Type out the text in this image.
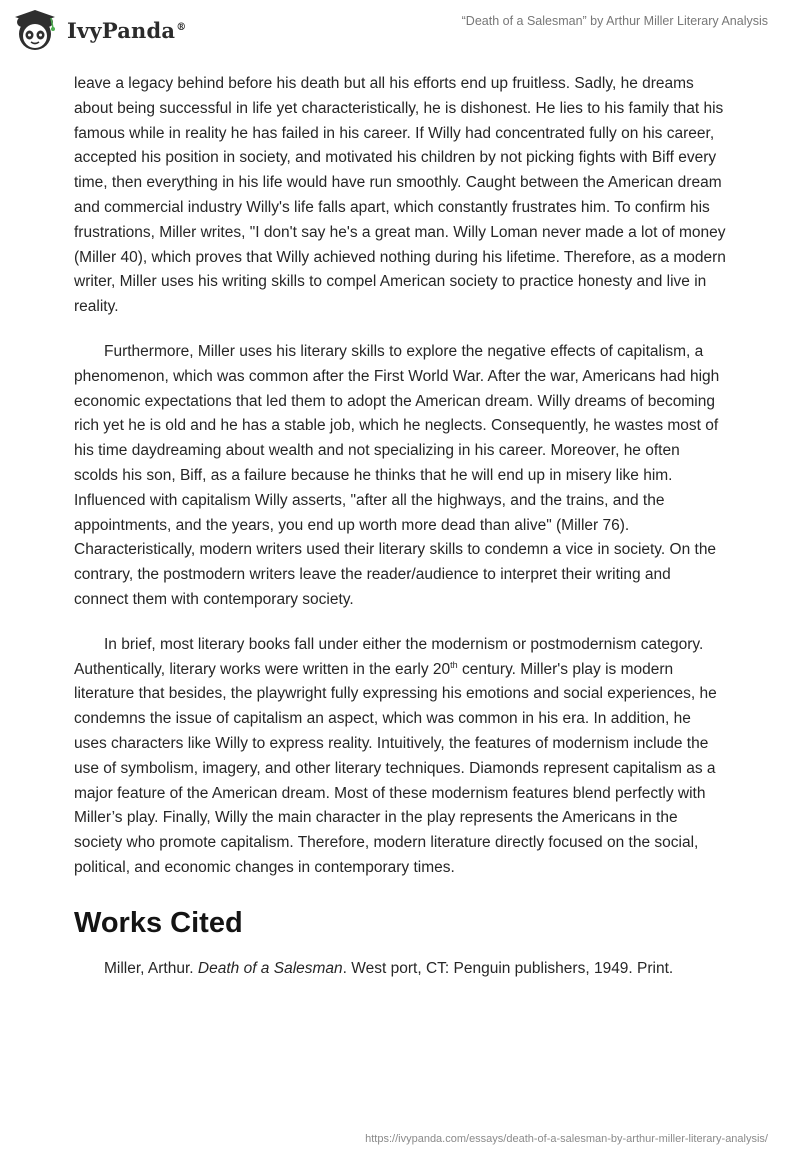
IvyPanda®	“Death of a Salesman” by Arthur Miller Literary Analysis

leave a legacy behind before his death but all his efforts end up fruitless. Sadly, he dreams about being successful in life yet characteristically, he is dishonest. He lies to his family that his famous while in reality he has failed in his career. If Willy had concentrated fully on his career, accepted his position in society, and motivated his children by not picking fights with Biff every time, then everything in his life would have run smoothly. Caught between the American dream and commercial industry Willy's life falls apart, which constantly frustrates him. To confirm his frustrations, Miller writes, "I don't say he's a great man. Willy Loman never made a lot of money (Miller 40), which proves that Willy achieved nothing during his lifetime. Therefore, as a modern writer, Miller uses his writing skills to compel American society to practice honesty and live in reality.

Furthermore, Miller uses his literary skills to explore the negative effects of capitalism, a phenomenon, which was common after the First World War. After the war, Americans had high economic expectations that led them to adopt the American dream. Willy dreams of becoming rich yet he is old and he has a stable job, which he neglects. Consequently, he wastes most of his time daydreaming about wealth and not specializing in his career. Moreover, he often scolds his son, Biff, as a failure because he thinks that he will end up in misery like him. Influenced with capitalism Willy asserts, "after all the highways, and the trains, and the appointments, and the years, you end up worth more dead than alive" (Miller 76). Characteristically, modern writers used their literary skills to condemn a vice in society. On the contrary, the postmodern writers leave the reader/audience to interpret their writing and connect them with contemporary society.

In brief, most literary books fall under either the modernism or postmodernism category. Authentically, literary works were written in the early 20th century. Miller's play is modern literature that besides, the playwright fully expressing his emotions and social experiences, he condemns the issue of capitalism an aspect, which was common in his era. In addition, he uses characters like Willy to express reality. Intuitively, the features of modernism include the use of symbolism, imagery, and other literary techniques. Diamonds represent capitalism as a major feature of the American dream. Most of these modernism features blend perfectly with Miller’s play. Finally, Willy the main character in the play represents the Americans in the society who promote capitalism. Therefore, modern literature directly focused on the social, political, and economic changes in contemporary times.

Works Cited

Miller, Arthur. Death of a Salesman. West port, CT: Penguin publishers, 1949. Print.

https://ivypanda.com/essays/death-of-a-salesman-by-arthur-miller-literary-analysis/
